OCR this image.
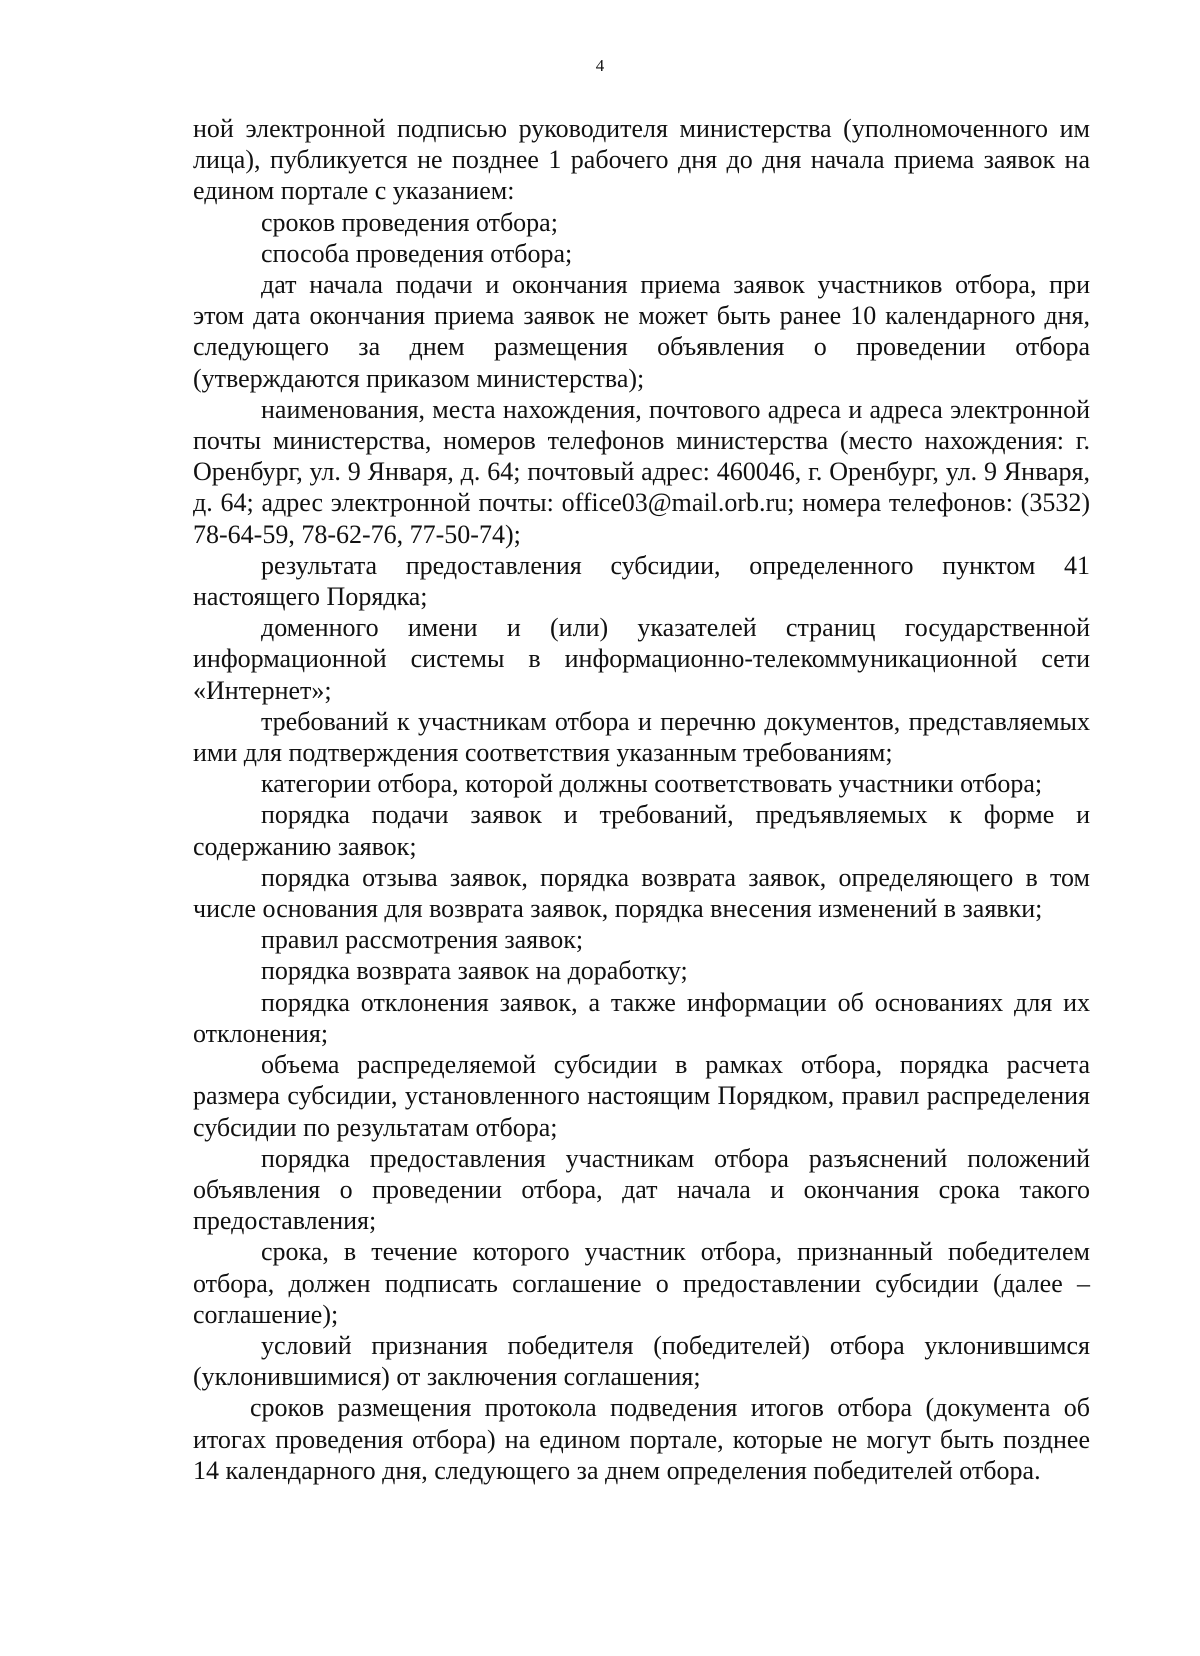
4

ной электронной подписью руководителя министерства (уполномоченного им лица), публикуется не позднее 1 рабочего дня до дня начала приема заявок на едином портале с указанием:

сроков проведения отбора;

способа проведения отбора;

дат начала подачи и окончания приема заявок участников отбора, при этом дата окончания приема заявок не может быть ранее 10 календарного дня, следующего за днем размещения объявления о проведении отбора (утверждаются приказом министерства);

наименования, места нахождения, почтового адреса и адреса электронной почты министерства, номеров телефонов министерства (место нахождения: г. Оренбург, ул. 9 Января, д. 64; почтовый адрес: 460046, г. Оренбург, ул. 9 Января, д. 64; адрес электронной почты: office03@mail.orb.ru; номера телефонов: (3532) 78-64-59, 78-62-76, 77-50-74);

результата предоставления субсидии, определенного пунктом 41 настоящего Порядка;

доменного имени и (или) указателей страниц государственной информационной системы в информационно-телекоммуникационной сети «Интернет»;

требований к участникам отбора и перечню документов, представляемых ими для подтверждения соответствия указанным требованиям;

категории отбора, которой должны соответствовать участники отбора;

порядка подачи заявок и требований, предъявляемых к форме и содержанию заявок;

порядка отзыва заявок, порядка возврата заявок, определяющего в том числе основания для возврата заявок, порядка внесения изменений в заявки;

правил рассмотрения заявок;

порядка возврата заявок на доработку;

порядка отклонения заявок, а также информации об основаниях для их отклонения;

объема распределяемой субсидии в рамках отбора, порядка расчета размера субсидии, установленного настоящим Порядком, правил распределения субсидии по результатам отбора;

порядка предоставления участникам отбора разъяснений положений объявления о проведении отбора, дат начала и окончания срока такого предоставления;

срока, в течение которого участник отбора, признанный победителем отбора, должен подписать соглашение о предоставлении субсидии (далее – соглашение);

условий признания победителя (победителей) отбора уклонившимся (уклонившимися) от заключения соглашения;

сроков размещения протокола подведения итогов отбора (документа об итогах проведения отбора) на едином портале, которые не могут быть позднее 14 календарного дня, следующего за днем определения победителей отбора.
